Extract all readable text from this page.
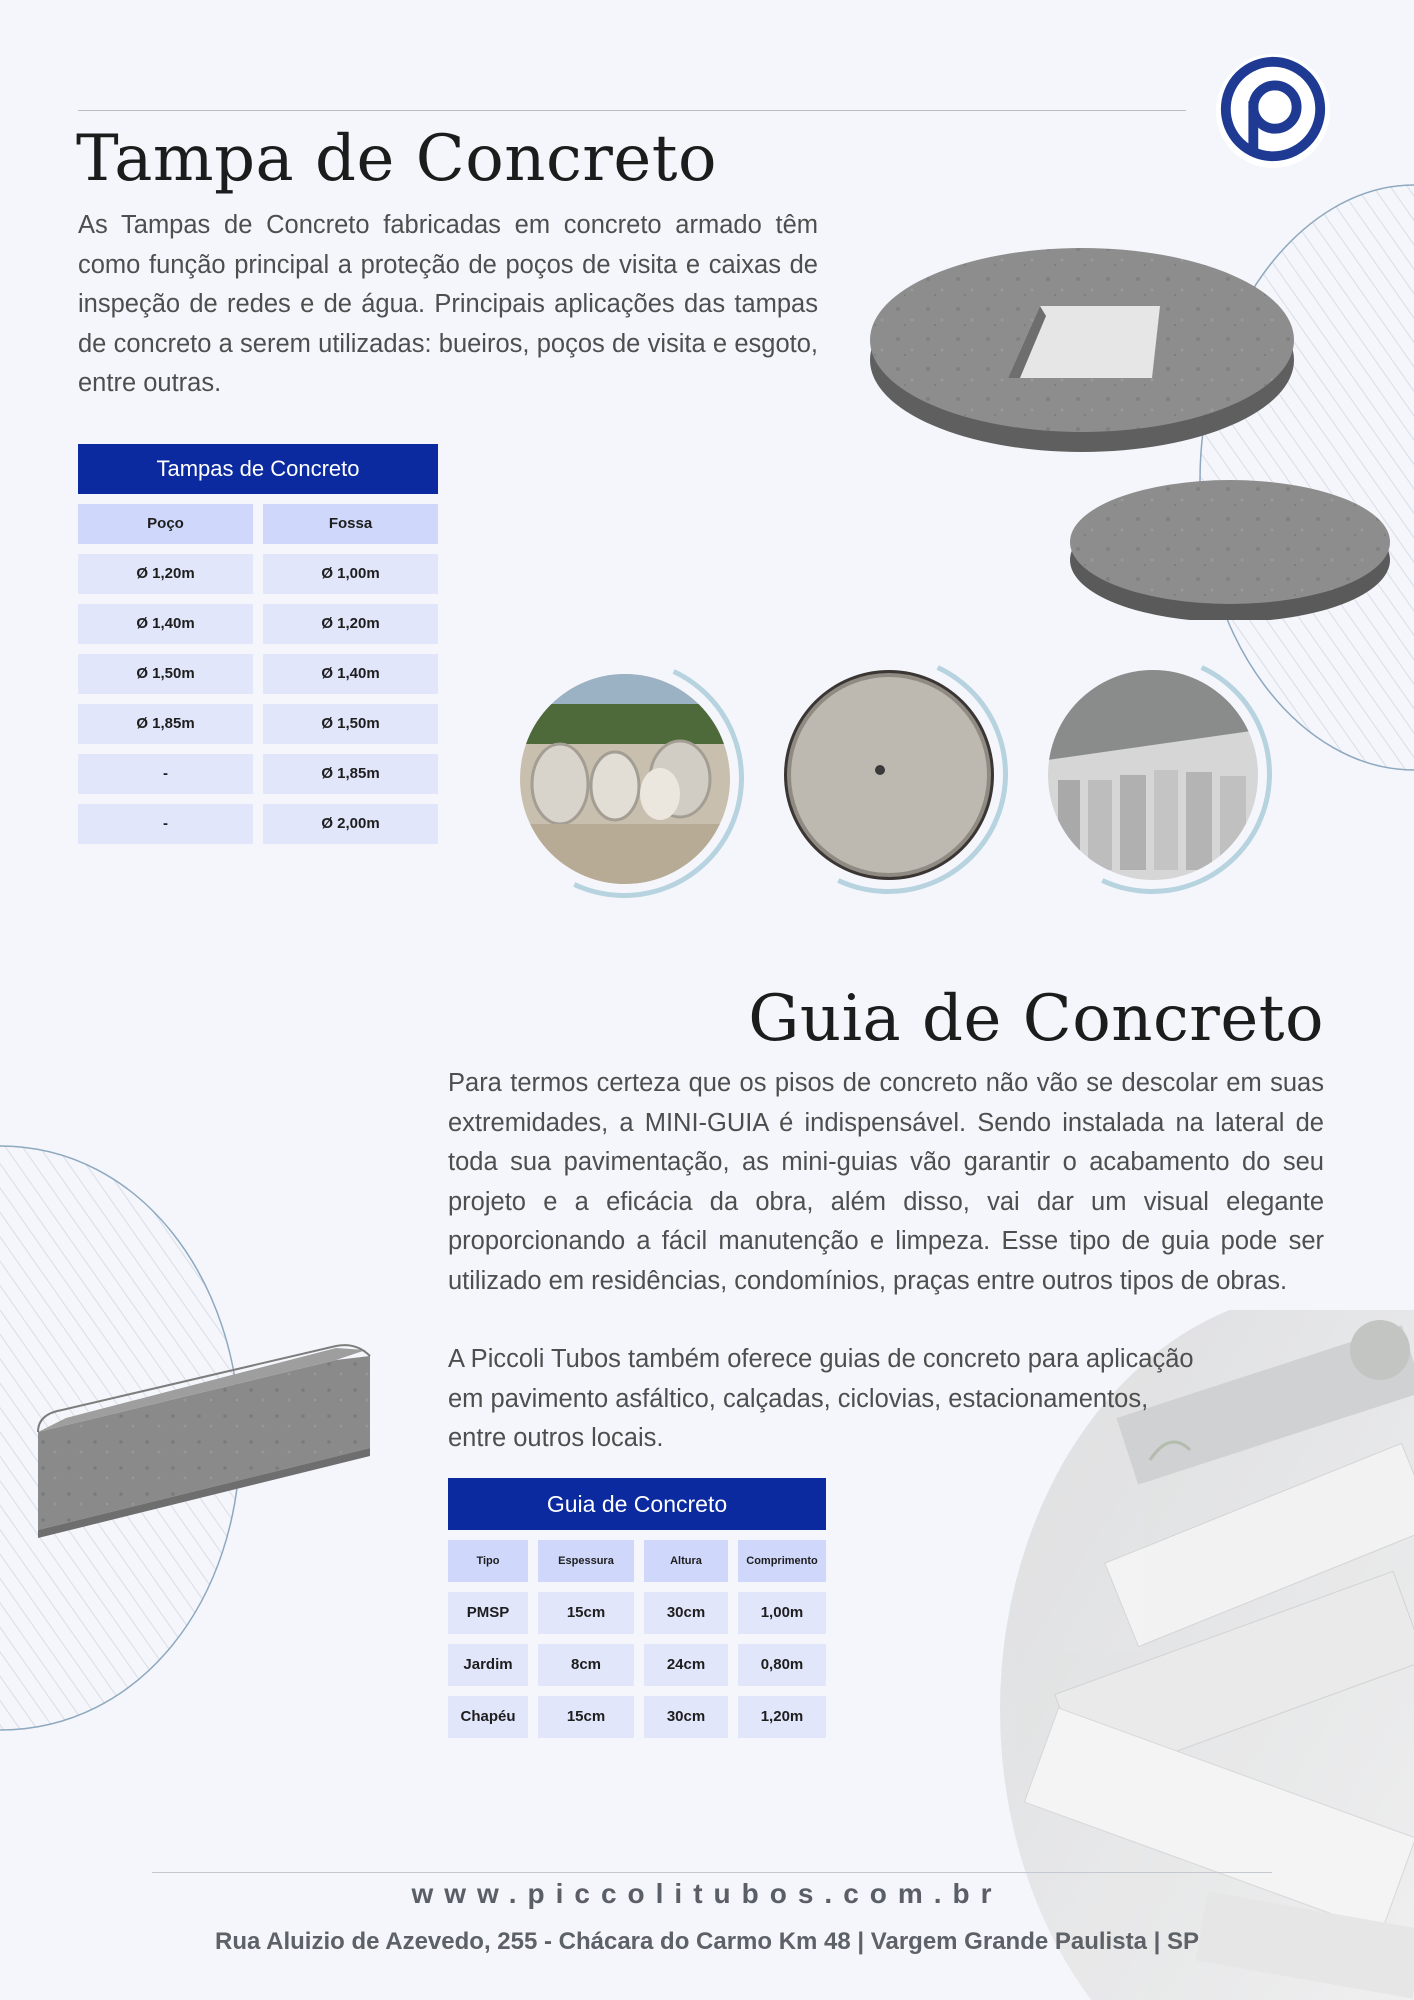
Tampa de Concreto

As Tampas de Concreto fabricadas em concreto armado têm como função principal a proteção de poços de visita e caixas de inspeção de redes e de água. Principais aplicações das tampas de concreto a serem utilizadas: bueiros, poços de visita e esgoto, entre outras.

Tampas de Concreto
Poço	Fossa
Ø 1,20m	Ø 1,00m
Ø 1,40m	Ø 1,20m
Ø 1,50m	Ø 1,40m
Ø 1,85m	Ø 1,50m
-	Ø 1,85m
-	Ø 2,00m
Guia de Concreto

Para termos certeza que os pisos de concreto não vão se descolar em suas extremidades, a MINI-GUIA é indispensável. Sendo instalada na lateral de toda sua pavimentação, as mini-guias vão garantir o acabamento do seu projeto e a eficácia da obra, além disso, vai dar um visual elegante proporcionando a fácil manutenção e limpeza. Esse tipo de guia pode ser utilizado em residências, condomínios, praças entre outros tipos de obras.

A Piccoli Tubos também oferece guias de concreto para aplicação
em pavimento asfáltico, calçadas, ciclovias, estacionamentos,
entre outros locais.
Guia de Concreto
Tipo	Espessura	Altura	Comprimento
PMSP	15cm	30cm	1,00m
Jardim	8cm	24cm	0,80m
Chapéu	15cm	30cm	1,20m
www.piccolitubos.com.br
Rua Aluizio de Azevedo, 255 - Chácara do Carmo Km 48 | Vargem Grande Paulista | SP
